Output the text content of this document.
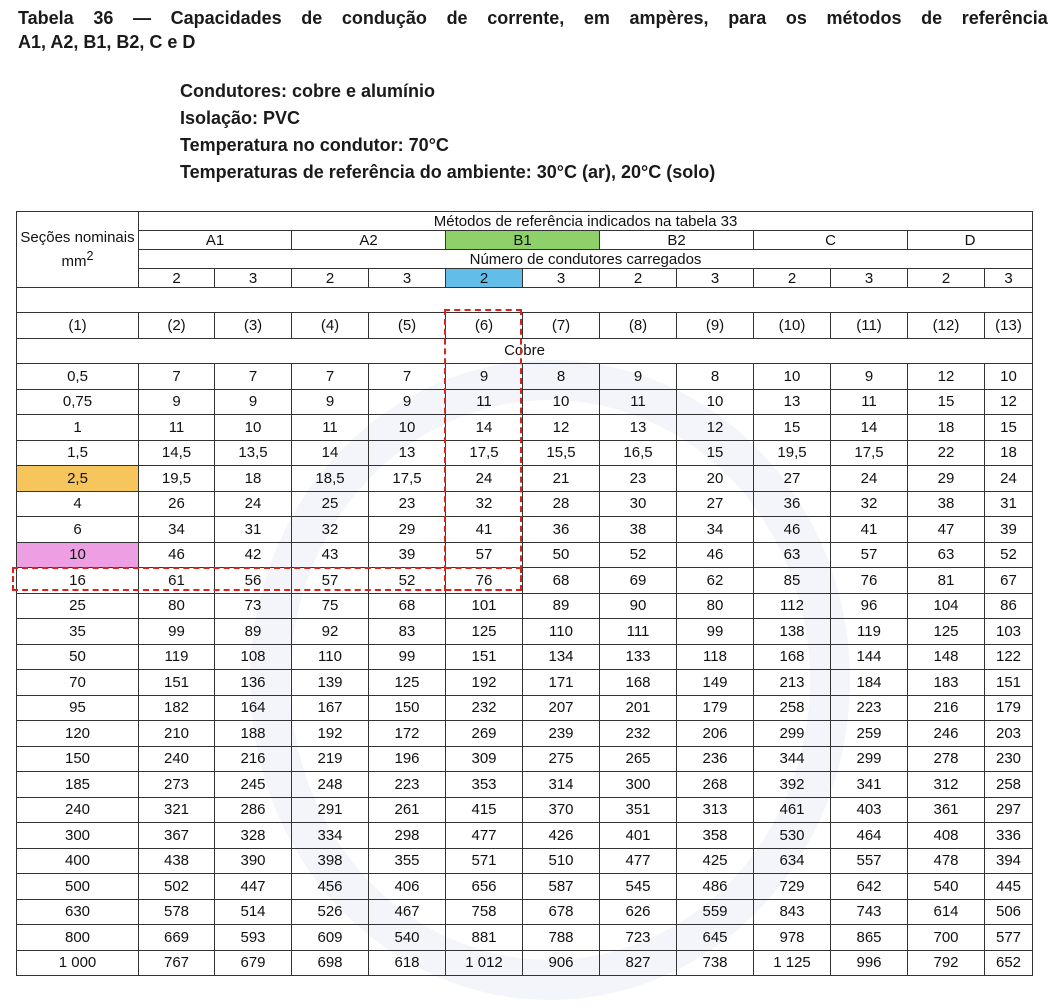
Tabela 36 — Capacidades de condução de corrente, em ampères, para os métodos de referência
A1, A2, B1, B2, C e D
Condutores: cobre e alumínio
Isolação: PVC
Temperatura no condutor: 70°C
Temperaturas de referência do ambiente: 30°C (ar), 20°C (solo)
Seções nominais
$mm^2$	Métodos de referência indicados na tabela 33											
	A1		A2		B1		B2		C		D	
	Número de condutores carregados											
	2	3	2	3	2	3	2	3	2	3	2	3

(1)	(2)	(3)	(4)	(5)	(6)	(7)	(8)	(9)	(10)	(11)	(12)	(13)
Cobre												
0,5	7	7	7	7	9	8	9	8	10	9	12	10
0,75	9	9	9	9	11	10	11	10	13	11	15	12
1	11	10	11	10	14	12	13	12	15	14	18	15
1,5	14,5	13,5	14	13	17,5	15,5	16,5	15	19,5	17,5	22	18
2,5	19,5	18	18,5	17,5	24	21	23	20	27	24	29	24
4	26	24	25	23	32	28	30	27	36	32	38	31
6	34	31	32	29	41	36	38	34	46	41	47	39
10	46	42	43	39	57	50	52	46	63	57	63	52
16	61	56	57	52	76	68	69	62	85	76	81	67
25	80	73	75	68	101	89	90	80	112	96	104	86
35	99	89	92	83	125	110	111	99	138	119	125	103
50	119	108	110	99	151	134	133	118	168	144	148	122
70	151	136	139	125	192	171	168	149	213	184	183	151
95	182	164	167	150	232	207	201	179	258	223	216	179
120	210	188	192	172	269	239	232	206	299	259	246	203
150	240	216	219	196	309	275	265	236	344	299	278	230
185	273	245	248	223	353	314	300	268	392	341	312	258
240	321	286	291	261	415	370	351	313	461	403	361	297
300	367	328	334	298	477	426	401	358	530	464	408	336
400	438	390	398	355	571	510	477	425	634	557	478	394
500	502	447	456	406	656	587	545	486	729	642	540	445
630	578	514	526	467	758	678	626	559	843	743	614	506
800	669	593	609	540	881	788	723	645	978	865	700	577
1 000	767	679	698	618	1 012	906	827	738	1 125	996	792	652
